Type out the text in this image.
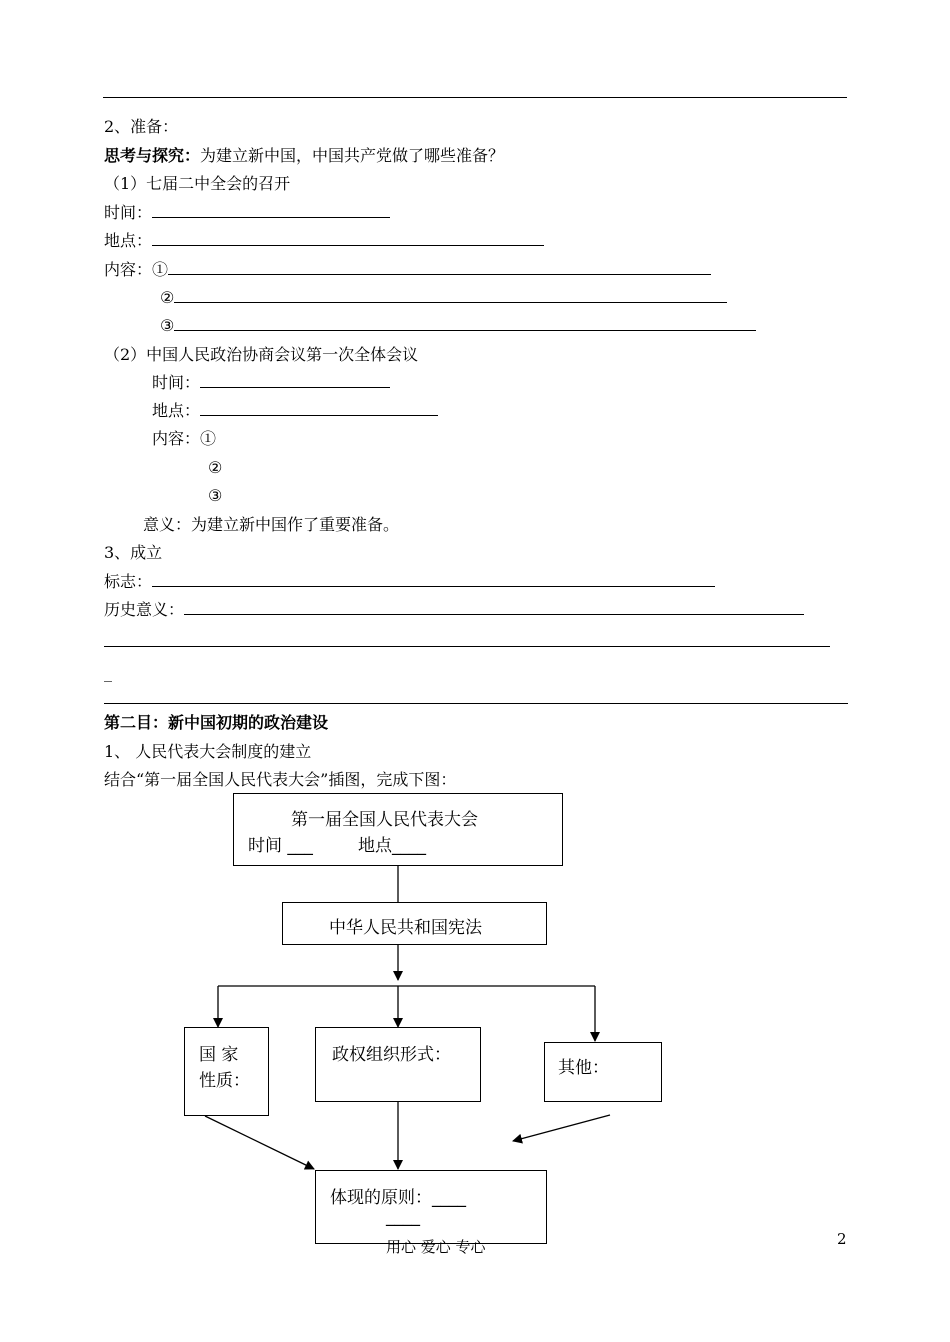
2、准备：
思考与探究：为建立新中国，中国共产党做了哪些准备？
（1）七届二中全会的召开
时间：
地点：
内容：①
②
③
（2）中国人民政治协商会议第一次全体会议
时间：
地点：
内容：①
②
③
意义：为建立新中国作了重要准备。
3、成立
标志：
历史意义：
_
第二目：新中国初期的政治建设
1、 人民代表大会制度的建立
结合“第一届全国人民代表大会”插图，完成下图：
第一届全国人民代表大会
时间 ___	地点____
中华人民共和国宪法
国 家
性质：
政权组织形式：
其他：
体现的原则：____
____
用心 爱心 专心	2
